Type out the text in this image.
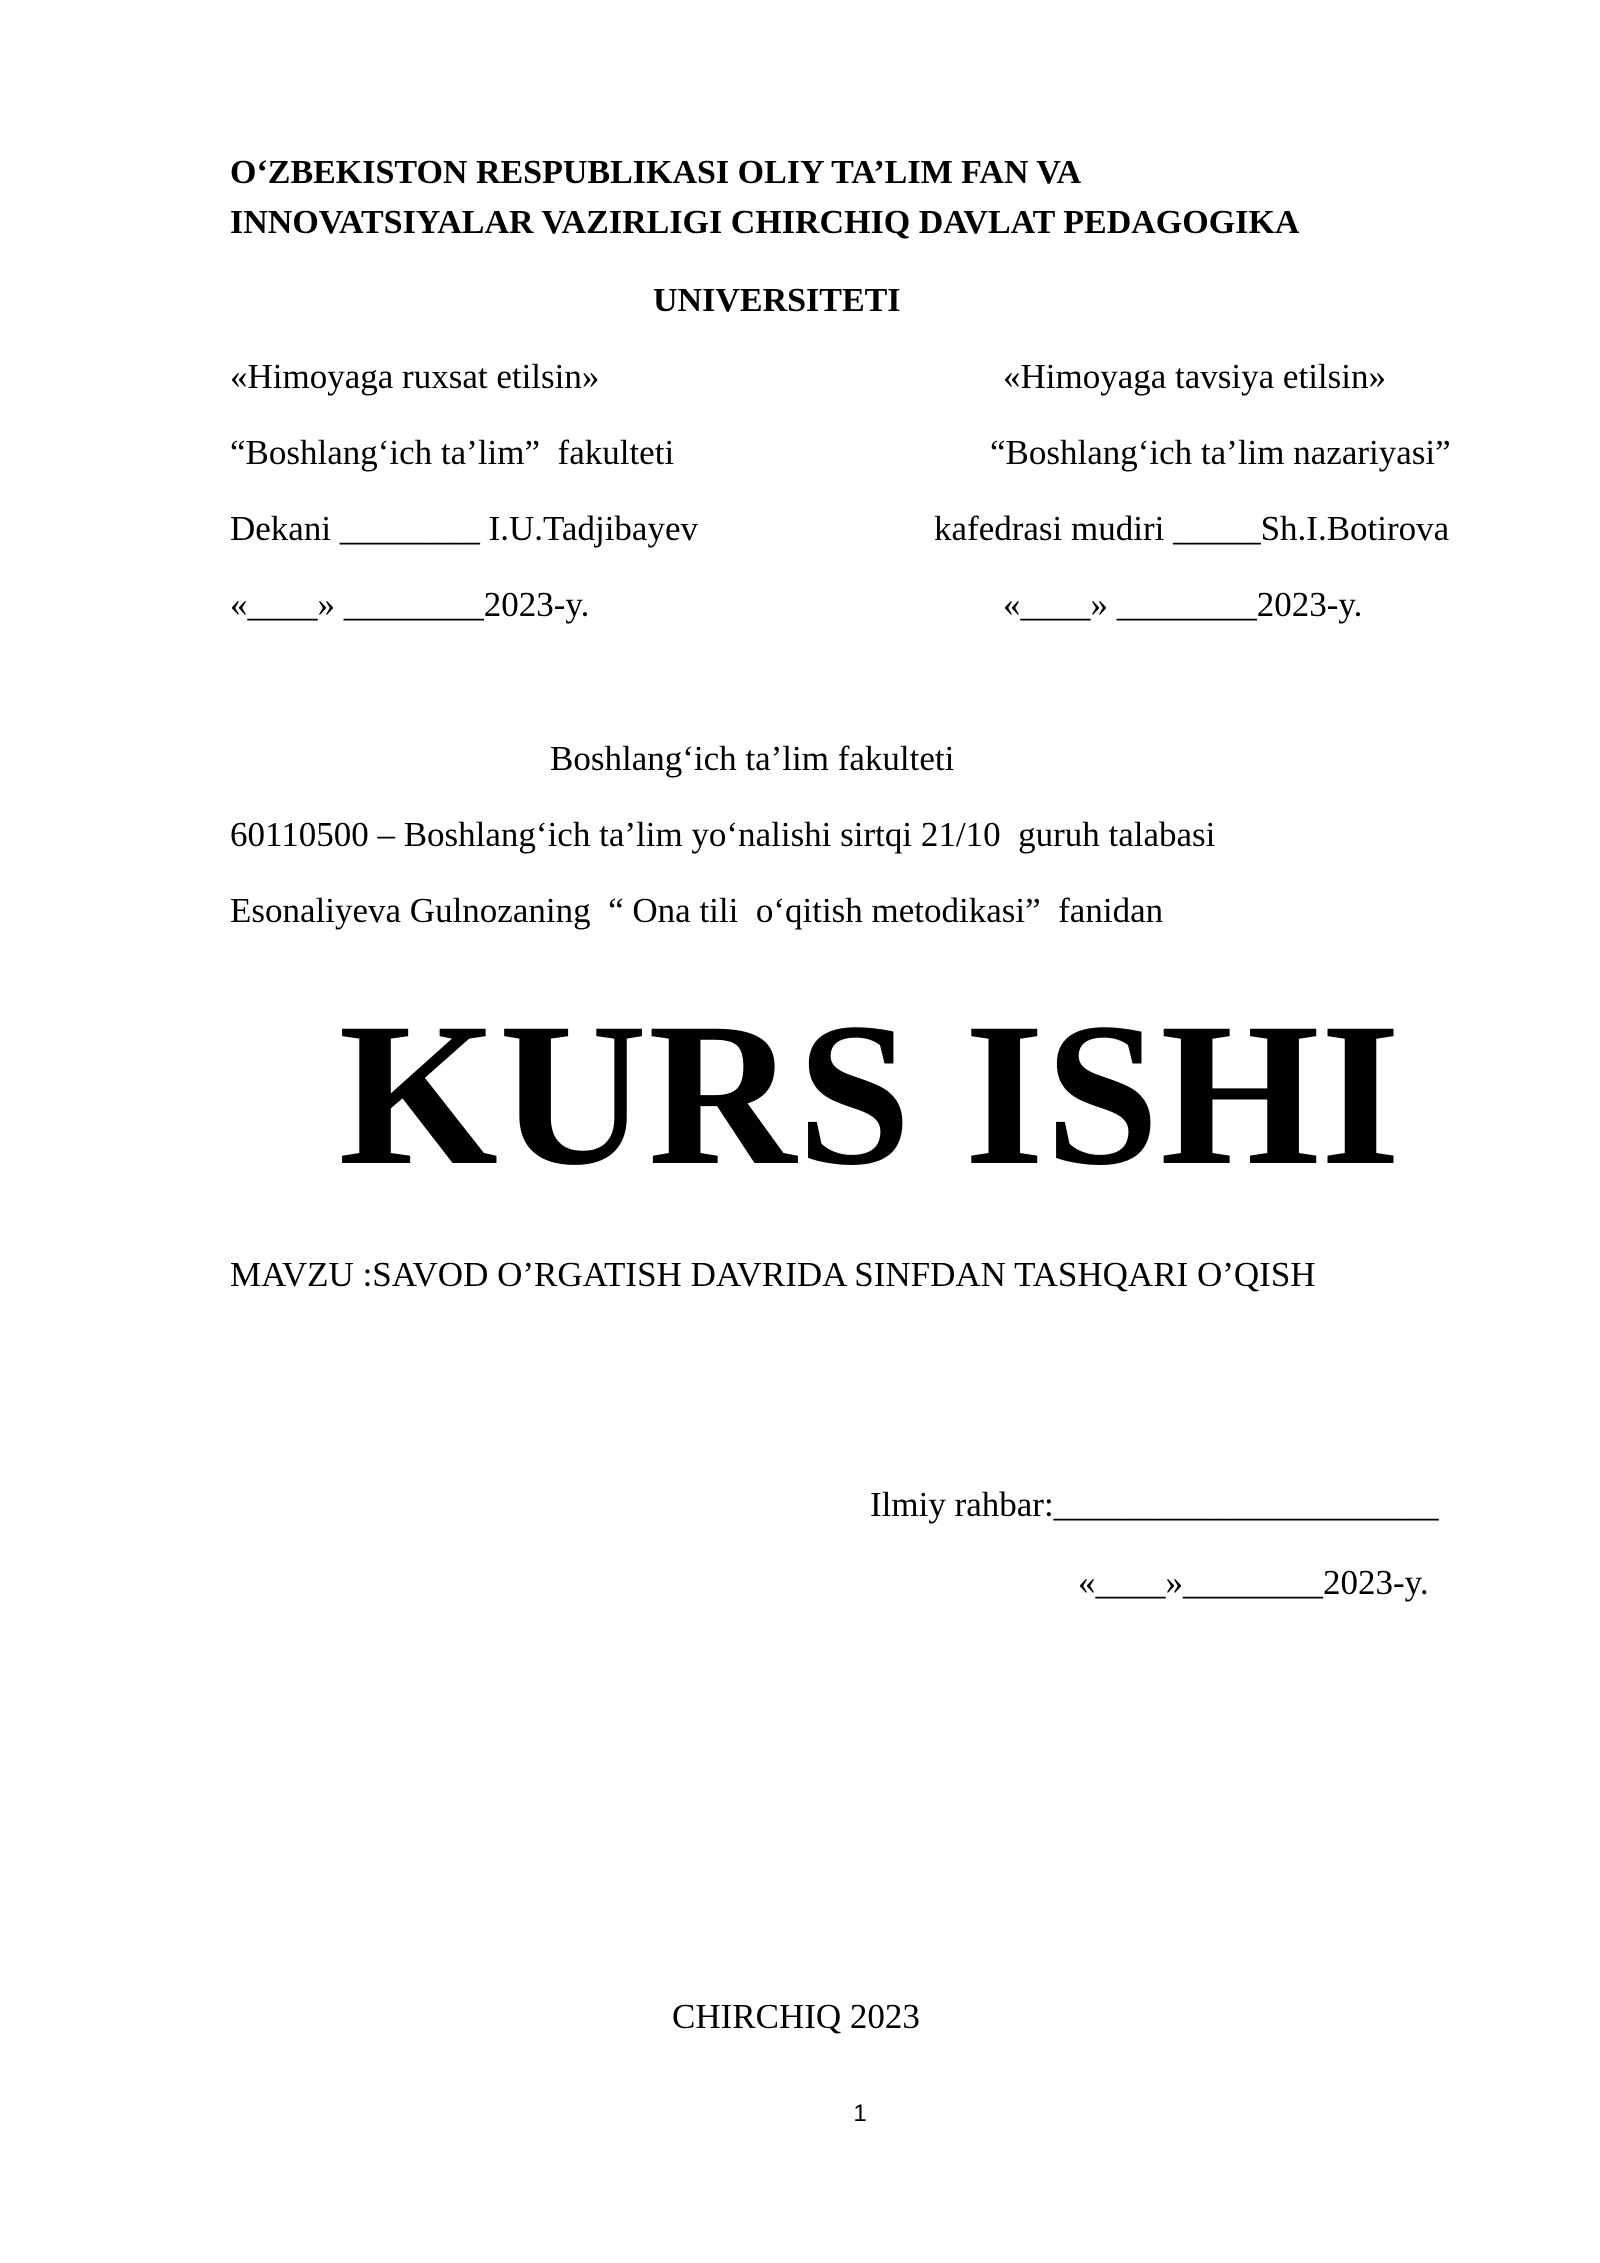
O‘ZBEKISTON RESPUBLIKASI OLIY TA’LIM FAN VA
INNOVATSIYALAR VAZIRLIGI CHIRCHIQ DAVLAT PEDAGOGIKA
UNIVERSITETI
«Himoyaga ruxsat etilsin»
“Boshlang‘ich ta’lim”  fakulteti
Dekani ________ I.U.Tadjibayev
«____» ________2023-y.
«Himoyaga tavsiya etilsin»
“Boshlang‘ich ta’lim nazariyasi”
kafedrasi mudiri _____Sh.I.Botirova
«____» ________2023-y.
Boshlang‘ich ta’lim fakulteti
60110500 – Boshlang‘ich ta’lim yo‘nalishi sirtqi 21/10  guruh talabasi
Esonaliyeva Gulnozaning  “ Ona tili  o‘qitish metodikasi”  fanidan
KURS ISHI
MAVZU :SAVOD O’RGATISH DAVRIDA SINFDAN TASHQARI O’QISH
Ilmiy rahbar:______________________
«____»________2023-y.
CHIRCHIQ 2023
1
